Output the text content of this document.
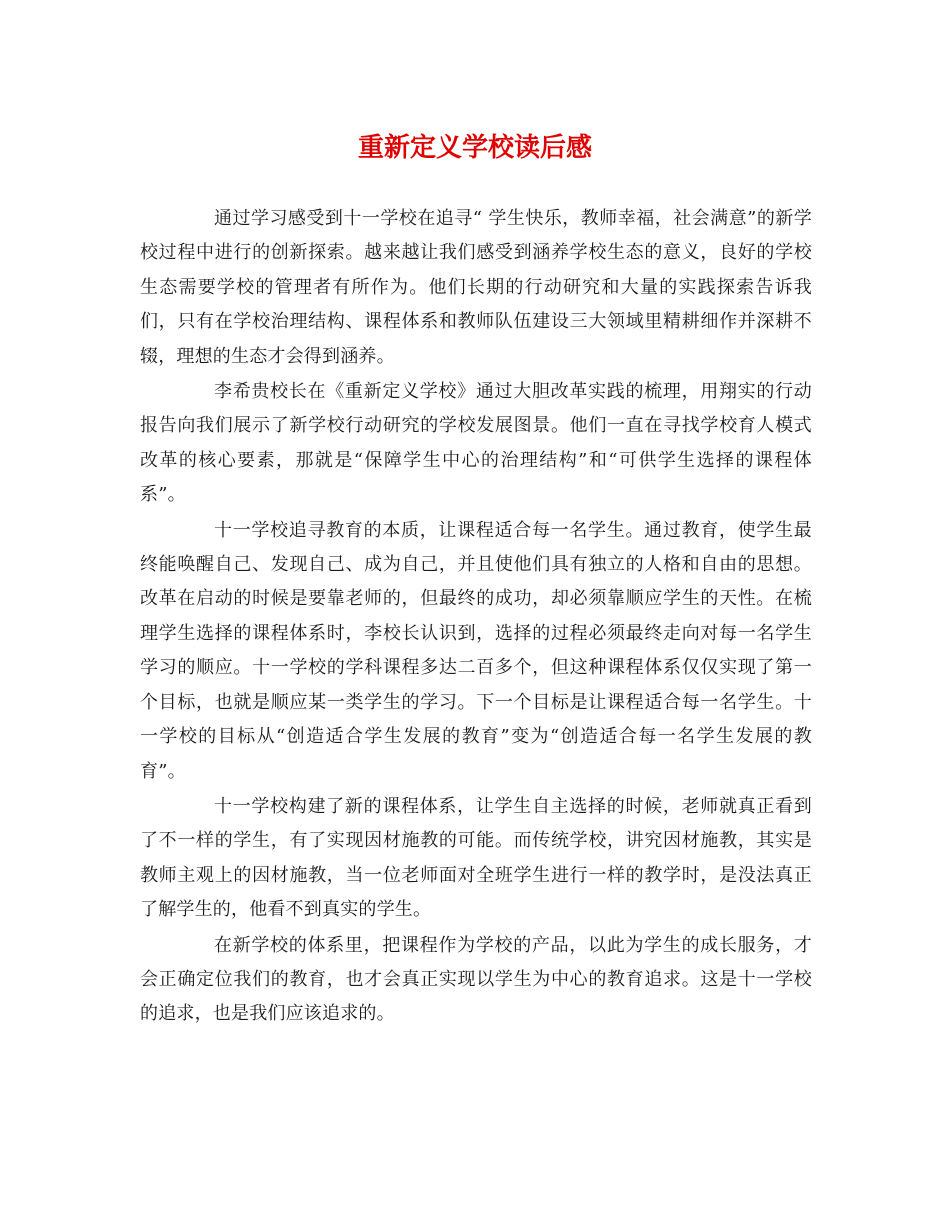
重新定义学校读后感

通过学习感受到十一学校在追寻“ 学生快乐，教师幸福，社会满意”的新学校过程中进行的创新探索。越来越让我们感受到涵养学校生态的意义，良好的学校生态需要学校的管理者有所作为。他们长期的行动研究和大量的实践探索告诉我们，只有在学校治理结构、课程体系和教师队伍建设三大领域里精耕细作并深耕不辍，理想的生态才会得到涵养。

李希贵校长在《重新定义学校》通过大胆改革实践的梳理，用翔实的行动报告向我们展示了新学校行动研究的学校发展图景。他们一直在寻找学校育人模式改革的核心要素，那就是“保障学生中心的治理结构”和“可供学生选择的课程体系”。

十一学校追寻教育的本质，让课程适合每一名学生。通过教育，使学生最终能唤醒自己、发现自己、成为自己，并且使他们具有独立的人格和自由的思想。改革在启动的时候是要靠老师的，但最终的成功，却必须靠顺应学生的天性。在梳理学生选择的课程体系时，李校长认识到，选择的过程必须最终走向对每一名学生学习的顺应。十一学校的学科课程多达二百多个，但这种课程体系仅仅实现了第一个目标，也就是顺应某一类学生的学习。下一个目标是让课程适合每一名学生。十一学校的目标从“创造适合学生发展的教育”变为“创造适合每一名学生发展的教育”。

十一学校构建了新的课程体系，让学生自主选择的时候，老师就真正看到了不一样的学生，有了实现因材施教的可能。而传统学校，讲究因材施教，其实是教师主观上的因材施教，当一位老师面对全班学生进行一样的教学时，是没法真正了解学生的，他看不到真实的学生。

在新学校的体系里，把课程作为学校的产品，以此为学生的成长服务，才会正确定位我们的教育，也才会真正实现以学生为中心的教育追求。这是十一学校的追求，也是我们应该追求的。
